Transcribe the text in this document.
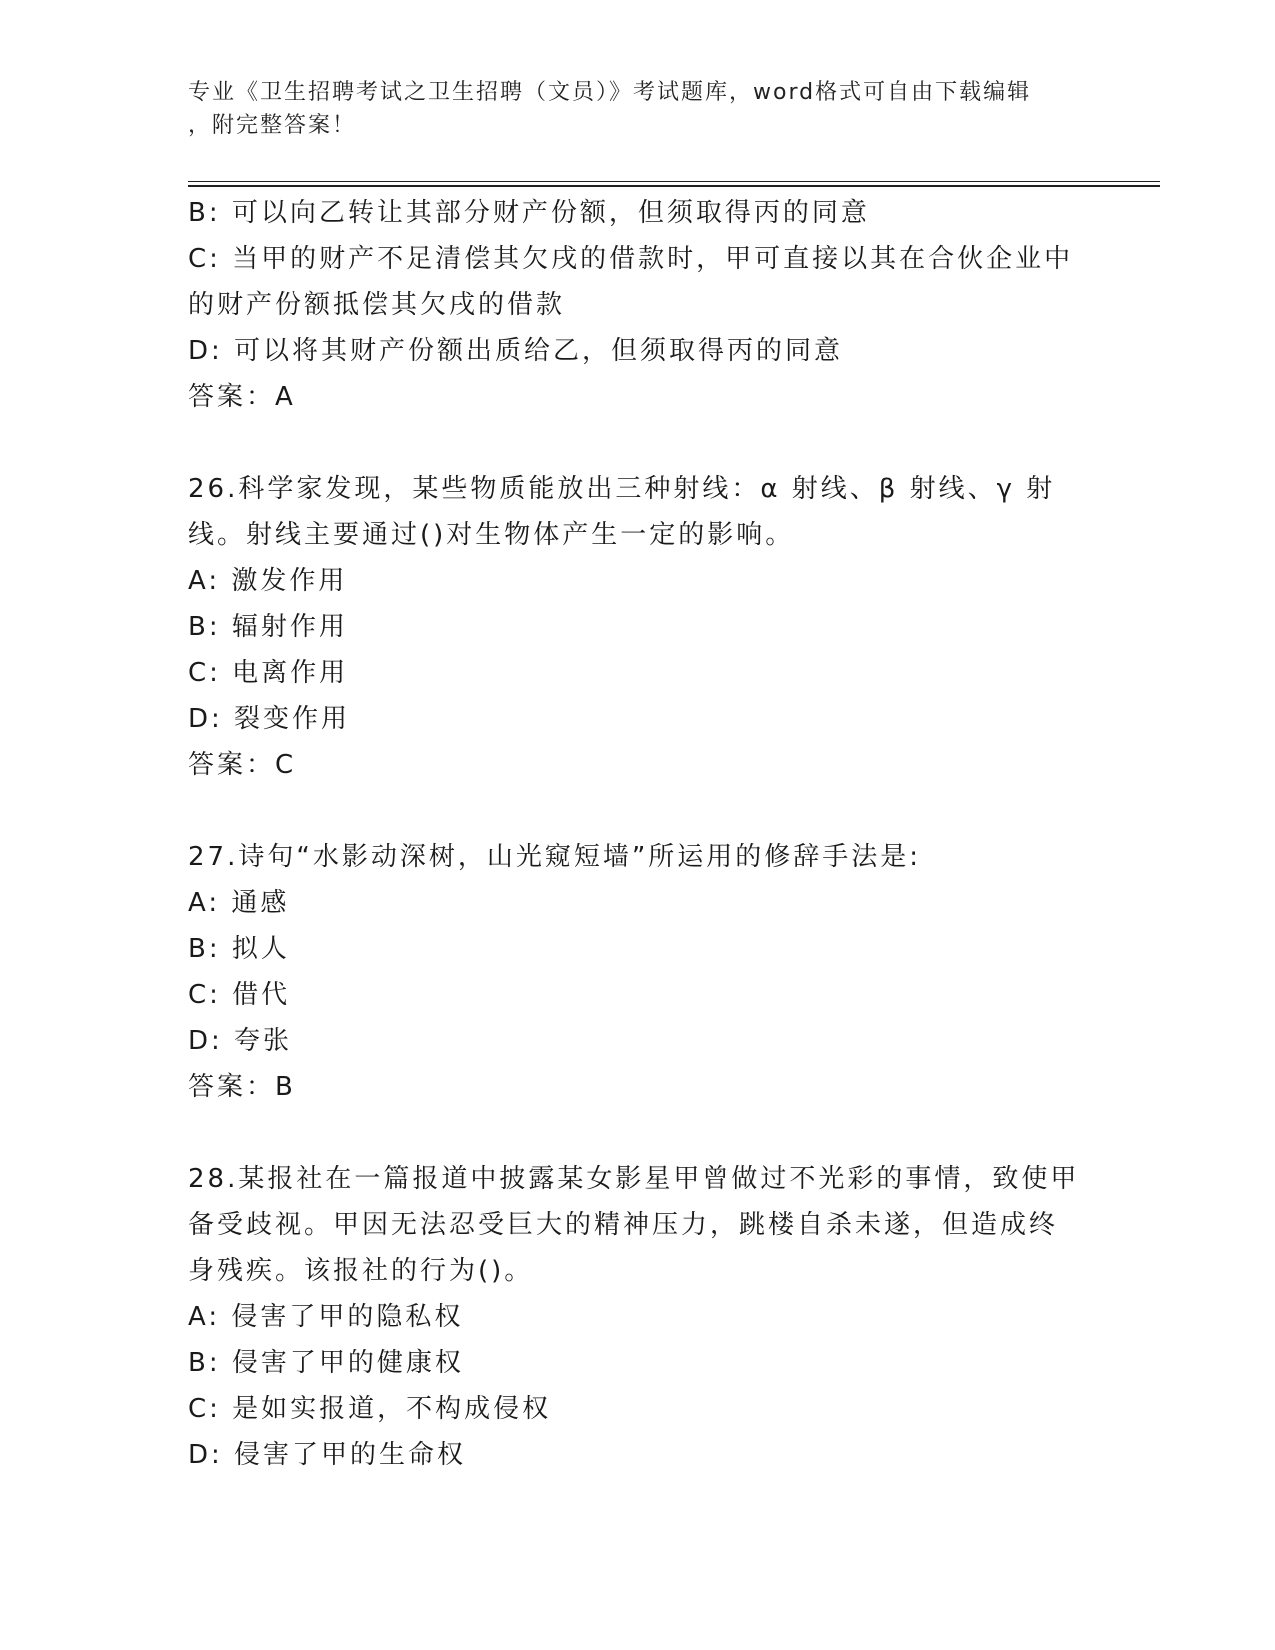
专业《卫生招聘考试之卫生招聘（文员）》考试题库，word格式可自由下载编辑
，附完整答案！
B: 可以向乙转让其部分财产份额，但须取得丙的同意
C: 当甲的财产不足清偿其欠戌的借款时，甲可直接以其在合伙企业中
的财产份额抵偿其欠戌的借款
D: 可以将其财产份额出质给乙，但须取得丙的同意
答案：A
26.科学家发现，某些物质能放出三种射线：α 射线、β 射线、γ 射
线。射线主要通过()对生物体产生一定的影响。
A: 激发作用
B: 辐射作用
C: 电离作用
D: 裂变作用
答案：C
27.诗句“水影动深树，山光窥短墙”所运用的修辞手法是:
A: 通感
B: 拟人
C: 借代
D: 夸张
答案：B
28.某报社在一篇报道中披露某女影星甲曾做过不光彩的事情，致使甲
备受歧视。甲因无法忍受巨大的精神压力，跳楼自杀未遂，但造成终
身残疾。该报社的行为()。
A: 侵害了甲的隐私权
B: 侵害了甲的健康权
C: 是如实报道，不构成侵权
D: 侵害了甲的生命权
